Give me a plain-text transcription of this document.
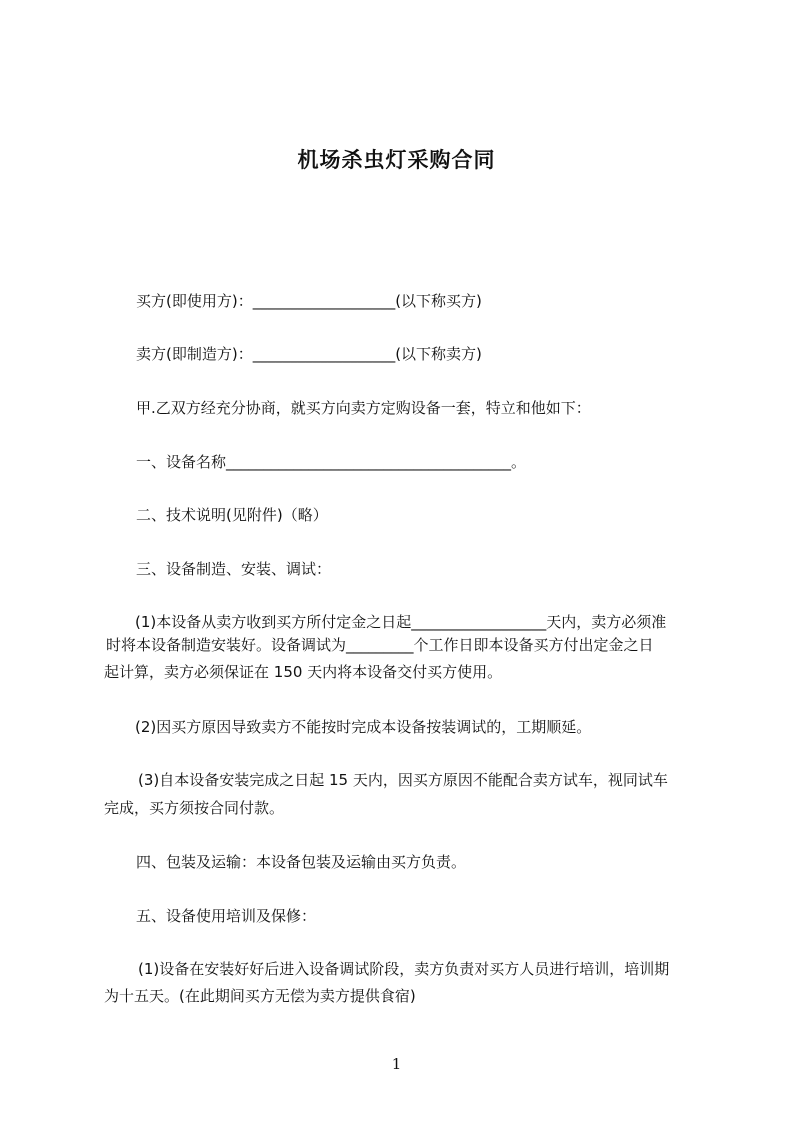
机场杀虫灯采购合同
买方(即使用方)：___________________(以下称买方)
卖方(即制造方)：___________________(以下称卖方)
甲.乙双方经充分协商，就买方向卖方定购设备一套，特立和他如下：
一、设备名称______________________________________。
二、技术说明(见附件)（略）
三、设备制造、安装、调试：
(1)本设备从卖方收到买方所付定金之日起__________________天内，卖方必须准
时将本设备制造安装好。设备调试为_________个工作日即本设备买方付出定金之日
起计算，卖方必须保证在 150 天内将本设备交付买方使用。
(2)因买方原因导致卖方不能按时完成本设备按装调试的，工期顺延。
(3)自本设备安装完成之日起 15 天内，因买方原因不能配合卖方试车，视同试车
完成，买方须按合同付款。
四、包装及运输：本设备包装及运输由买方负责。
五、设备使用培训及保修：
(1)设备在安装好好后进入设备调试阶段，卖方负责对买方人员进行培训，培训期
为十五天。(在此期间买方无偿为卖方提供食宿)
1
